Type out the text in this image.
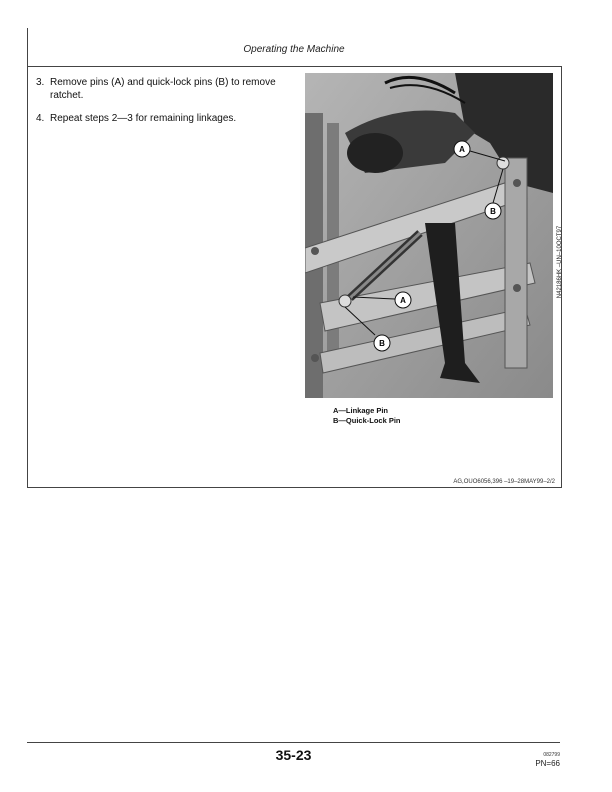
Operating the Machine
3. Remove pins (A) and quick-lock pins (B) to remove ratchet.
4. Repeat steps 2—3 for remaining linkages.
A
B
A
B
N42186HK –UN–10OCT97
A—Linkage Pin
B—Quick-Lock Pin
AG,OUO6056,396 –19–28MAY99–2/2
35-23	082799
PN=66
